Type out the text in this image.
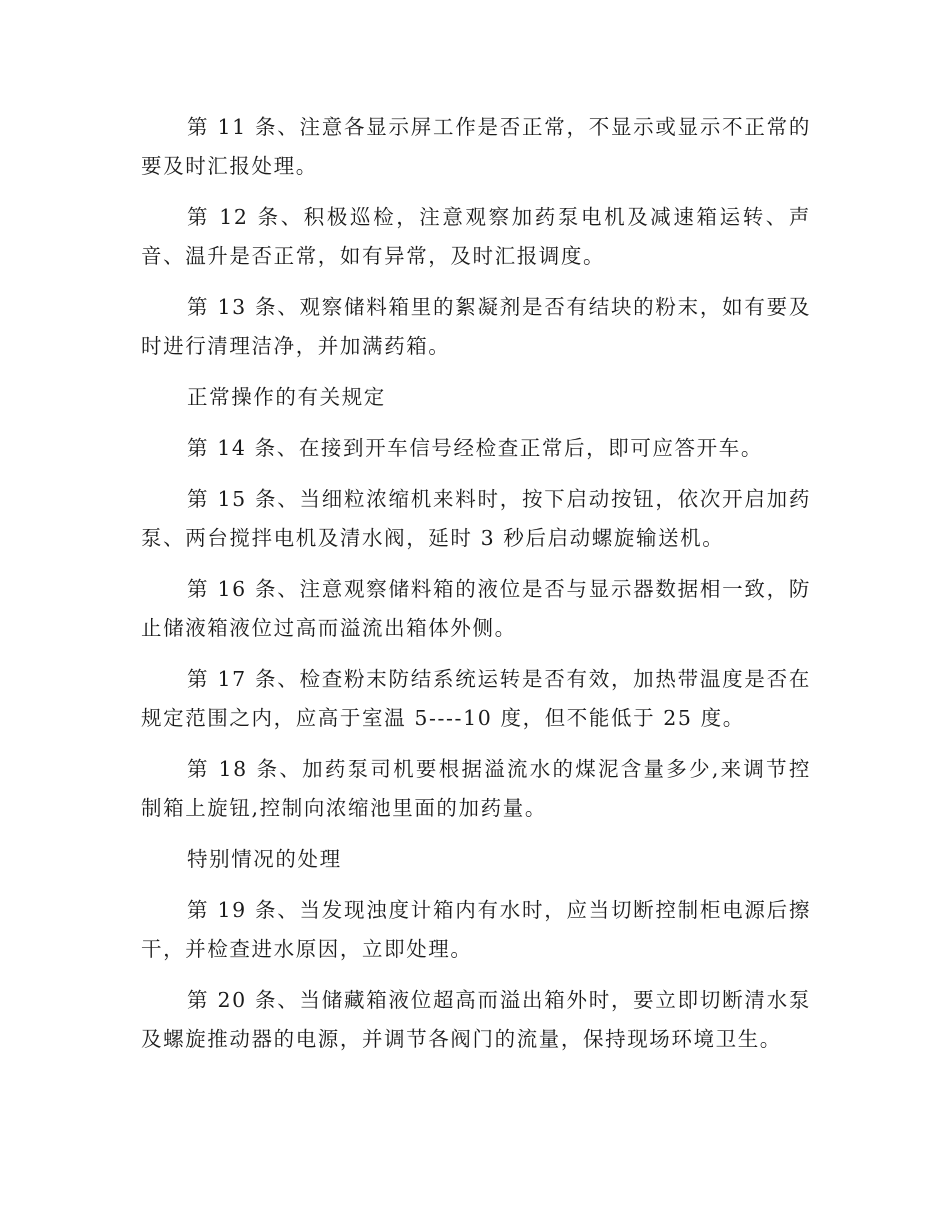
第 11 条、注意各显示屏工作是否正常，不显示或显示不正常的要及时汇报处理。

第 12 条、积极巡检，注意观察加药泵电机及减速箱运转、声音、温升是否正常，如有异常，及时汇报调度。

第 13 条、观察储料箱里的絮凝剂是否有结块的粉末，如有要及时进行清理洁净，并加满药箱。

正常操作的有关规定

第 14 条、在接到开车信号经检查正常后，即可应答开车。

第 15 条、当细粒浓缩机来料时，按下启动按钮，依次开启加药泵、两台搅拌电机及清水阀，延时 3 秒后启动螺旋输送机。

第 16 条、注意观察储料箱的液位是否与显示器数据相一致，防止储液箱液位过高而溢流出箱体外侧。

第 17 条、检查粉末防结系统运转是否有效，加热带温度是否在规定范围之内，应高于室温 5----10 度，但不能低于 25 度。

第 18 条、加药泵司机要根据溢流水的煤泥含量多少,来调节控制箱上旋钮,控制向浓缩池里面的加药量。

特别情况的处理

第 19 条、当发现浊度计箱内有水时，应当切断控制柜电源后擦干，并检查进水原因，立即处理。

第 20 条、当储藏箱液位超高而溢出箱外时，要立即切断清水泵及螺旋推动器的电源，并调节各阀门的流量，保持现场环境卫生。
